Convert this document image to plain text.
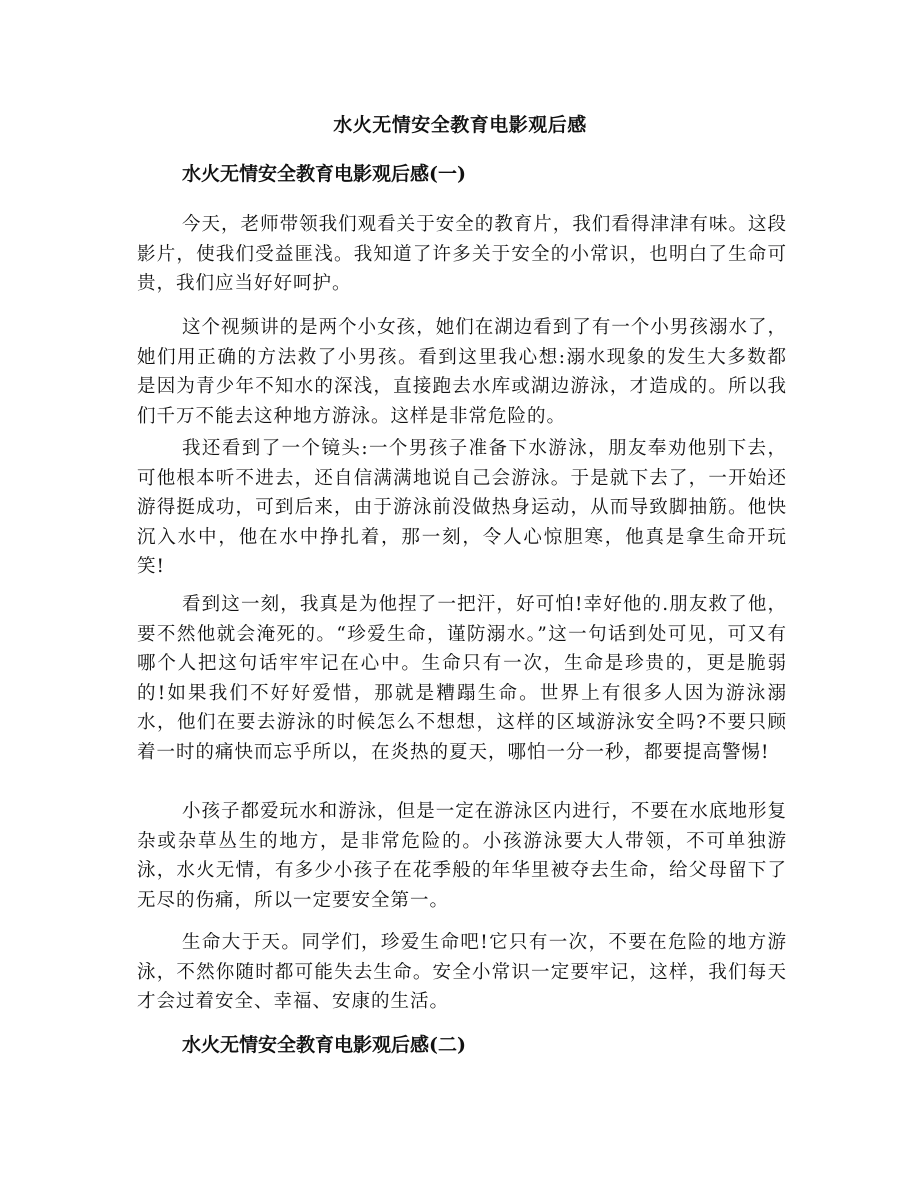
水火无情安全教育电影观后感
水火无情安全教育电影观后感(一)

今天，老师带领我们观看关于安全的教育片，我们看得津津有味。这段影片，使我们受益匪浅。我知道了许多关于安全的小常识，也明白了生命可贵，我们应当好好呵护。

这个视频讲的是两个小女孩，她们在湖边看到了有一个小男孩溺水了，她们用正确的方法救了小男孩。看到这里我心想:溺水现象的发生大多数都是因为青少年不知水的深浅，直接跑去水库或湖边游泳，才造成的。所以我们千万不能去这种地方游泳。这样是非常危险的。

我还看到了一个镜头:一个男孩子准备下水游泳，朋友奉劝他别下去，可他根本听不进去，还自信满满地说自己会游泳。于是就下去了，一开始还游得挺成功，可到后来，由于游泳前没做热身运动，从而导致脚抽筋。他快沉入水中，他在水中挣扎着，那一刻，令人心惊胆寒，他真是拿生命开玩笑!

看到这一刻，我真是为他捏了一把汗，好可怕!幸好他的.朋友救了他，要不然他就会淹死的。“珍爱生命，谨防溺水。”这一句话到处可见，可又有哪个人把这句话牢牢记在心中。生命只有一次，生命是珍贵的，更是脆弱的!如果我们不好好爱惜，那就是糟蹋生命。世界上有很多人因为游泳溺水，他们在要去游泳的时候怎么不想想，这样的区域游泳安全吗?不要只顾着一时的痛快而忘乎所以，在炎热的夏天，哪怕一分一秒，都要提高警惕!

小孩子都爱玩水和游泳，但是一定在游泳区内进行，不要在水底地形复杂或杂草丛生的地方，是非常危险的。小孩游泳要大人带领，不可单独游泳，水火无情，有多少小孩子在花季般的年华里被夺去生命，给父母留下了无尽的伤痛，所以一定要安全第一。

生命大于天。同学们，珍爱生命吧!它只有一次，不要在危险的地方游泳，不然你随时都可能失去生命。安全小常识一定要牢记，这样，我们每天才会过着安全、幸福、安康的生活。

水火无情安全教育电影观后感(二)
